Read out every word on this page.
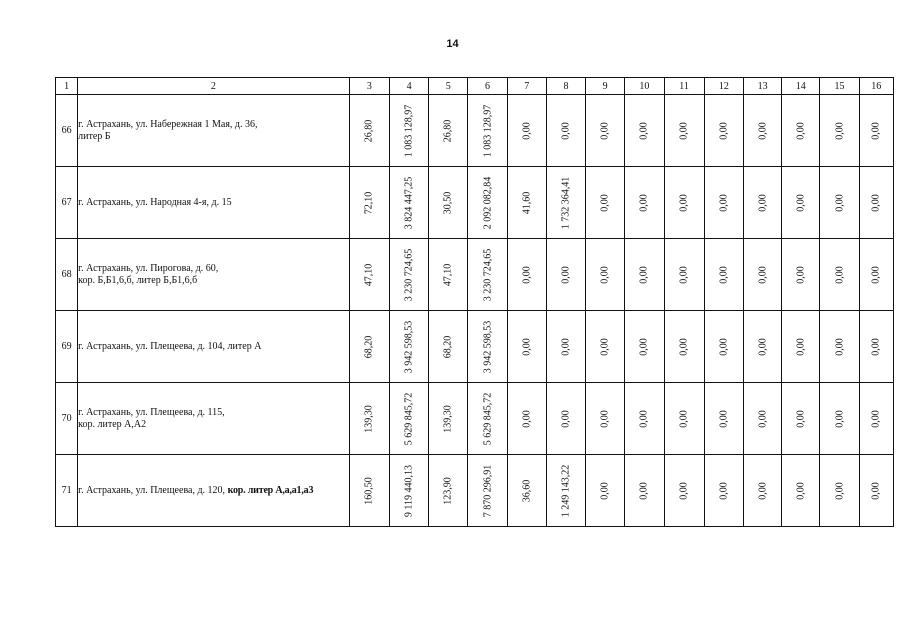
14
1	2	3	4	5	6	7	8	9	10	11	12	13	14	15	16
66	г. Астрахань, ул. Набережная 1 Мая, д. 36,
литер Б	26,80	1 083 128,97	26,80	1 083 128,97	0,00	0,00	0,00	0,00	0,00	0,00	0,00	0,00	0,00	0,00

67	г. Астрахань, ул. Народная 4-я, д. 15	72,10	3 824 447,25	30,50	2 092 082,84	41,60	1 732 364,41	0,00	0,00	0,00	0,00	0,00	0,00	0,00	0,00

68	г. Астрахань, ул. Пирогова, д. 60,
кор. Б,Б1,6,б, литер Б,Б1,6,б	47,10	3 230 724,65	47,10	3 230 724,65	0,00	0,00	0,00	0,00	0,00	0,00	0,00	0,00	0,00	0,00

69	г. Астрахань, ул. Плещеева, д. 104, литер А	68,20	3 942 598,53	68,20	3 942 598,53	0,00	0,00	0,00	0,00	0,00	0,00	0,00	0,00	0,00	0,00

70	г. Астрахань, ул. Плещеева, д. 115,
кор. литер А,А2	139,30	5 629 845,72	139,30	5 629 845,72	0,00	0,00	0,00	0,00	0,00	0,00	0,00	0,00	0,00	0,00

71	г. Астрахань, ул. Плещеева, д. 120, кор. литер А,а,а1,а3	160,50	9 119 440,13	123,90	7 870 296,91	36,60	1 249 143,22	0,00	0,00	0,00	0,00	0,00	0,00	0,00	0,00
